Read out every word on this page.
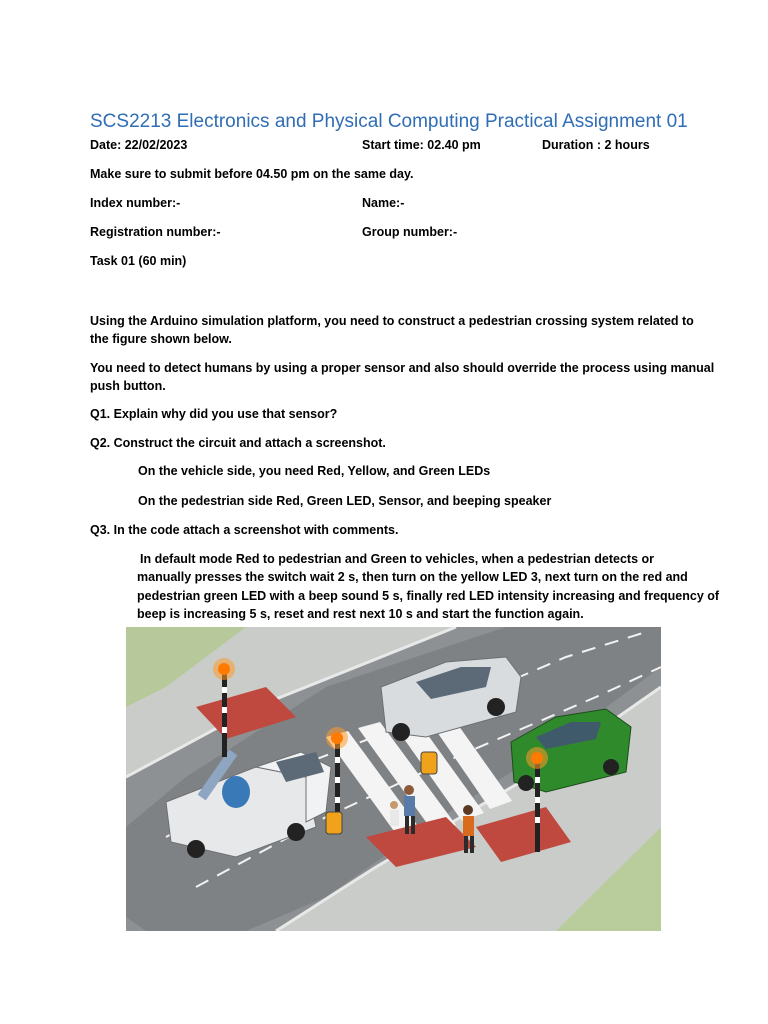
SCS2213 Electronics and Physical Computing Practical Assignment 01
Date: 22/02/2023	Start time: 02.40 pm	Duration : 2 hours
Make sure to submit before 04.50 pm on the same day.
Index number:-	Name:-
Registration number:-	Group number:-
Task 01 (60 min)
Using the Arduino simulation platform, you need to construct a pedestrian crossing system related to
the figure shown below.
You need to detect humans by using a proper sensor and also should override the process using manual
push button.
Q1. Explain why did you use that sensor?
Q2. Construct the circuit and attach a screenshot.
On the vehicle side, you need Red, Yellow, and Green LEDs
On the pedestrian side Red, Green LED, Sensor, and beeping speaker
Q3. In the code attach a screenshot with comments.
In default mode Red to pedestrian and Green to vehicles, when a pedestrian detects or
manually presses the switch wait 2 s, then turn on the yellow LED 3, next turn on the red and
pedestrian green LED with a beep sound 5 s, finally red LED intensity increasing and frequency of
beep is increasing 5 s, reset and rest next 10 s and start the function again.
